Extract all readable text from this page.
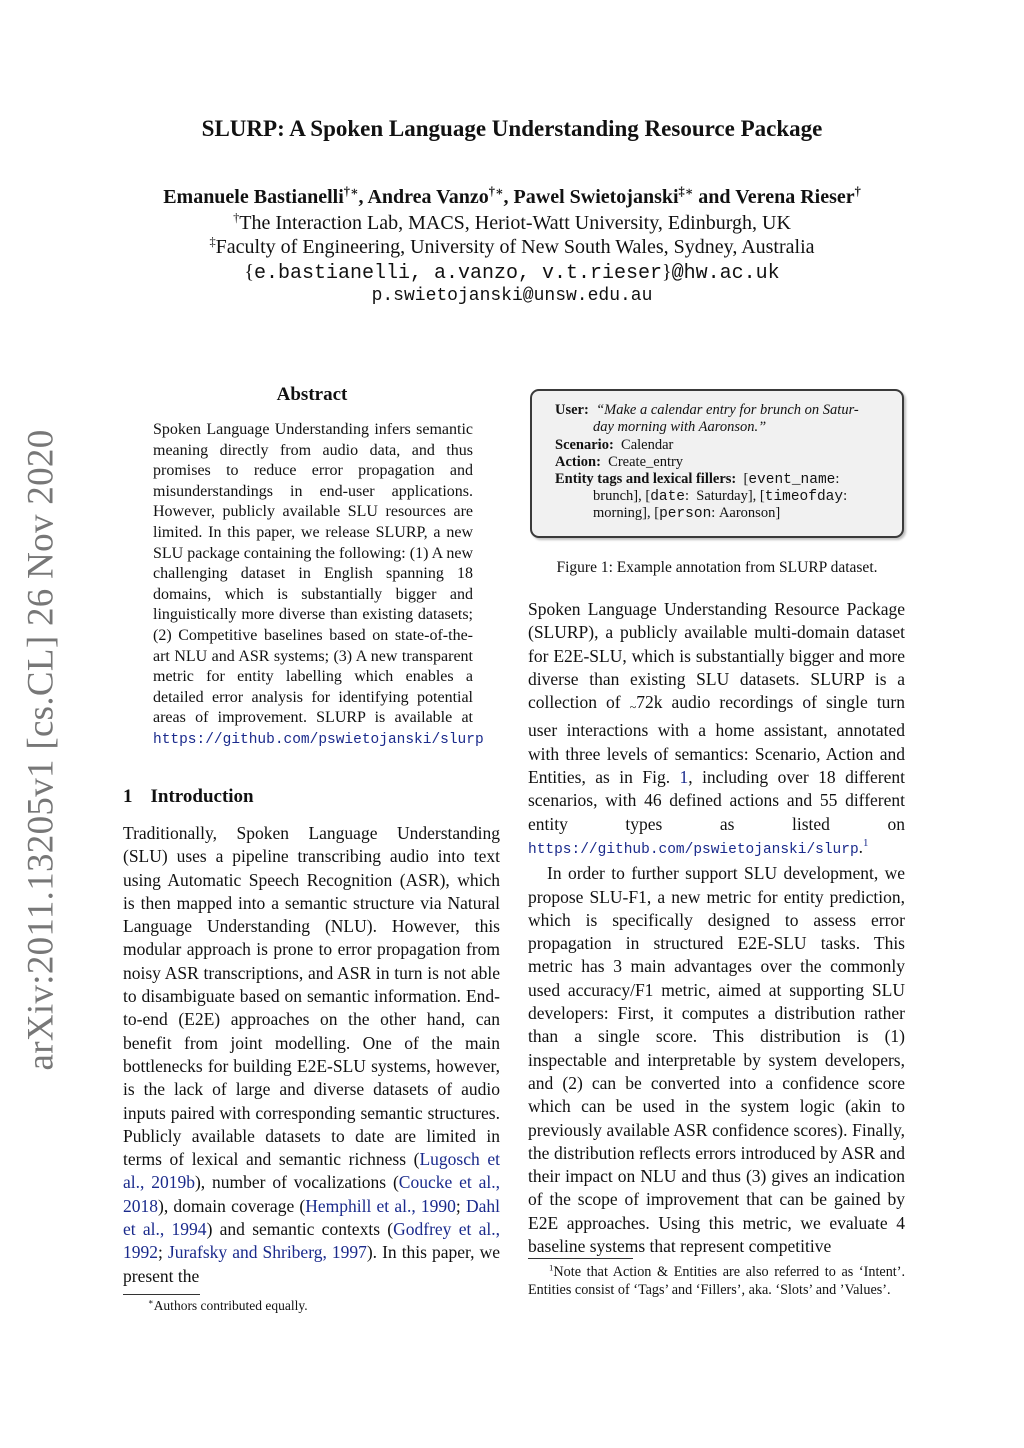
arXiv:2011.13205v1 [cs.CL] 26 Nov 2020
SLURP: A Spoken Language Understanding Resource Package
Emanuele Bastianelli†∗, Andrea Vanzo†∗, Pawel Swietojanski‡∗ and Verena Rieser†
†The Interaction Lab, MACS, Heriot-Watt University, Edinburgh, UK
‡Faculty of Engineering, University of New South Wales, Sydney, Australia
{e.bastianelli, a.vanzo, v.t.rieser}@hw.ac.uk
p.swietojanski@unsw.edu.au
Abstract
Spoken Language Understanding infers semantic meaning directly from audio data, and thus promises to reduce error propagation and misunderstandings in end-user applications. However, publicly available SLU resources are limited. In this paper, we release SLURP, a new SLU package containing the following: (1) A new challenging dataset in English spanning 18 domains, which is substantially bigger and linguistically more diverse than existing datasets; (2) Competitive baselines based on state-of-the-art NLU and ASR systems; (3) A new transparent metric for entity labelling which enables a detailed error analysis for identifying potential areas of improvement. SLURP is available at https://github.com/pswietojanski/slurp
1 Introduction
Traditionally, Spoken Language Understanding (SLU) uses a pipeline transcribing audio into text using Automatic Speech Recognition (ASR), which is then mapped into a semantic structure via Natural Language Understanding (NLU). However, this modular approach is prone to error propagation from noisy ASR transcriptions, and ASR in turn is not able to disambiguate based on semantic information. End-to-end (E2E) approaches on the other hand, can benefit from joint modelling. One of the main bottlenecks for building E2E-SLU systems, however, is the lack of large and diverse datasets of audio inputs paired with corresponding semantic structures. Publicly available datasets to date are limited in terms of lexical and semantic richness (Lugosch et al., 2019b), number of vocalizations (Coucke et al., 2018), domain coverage (Hemphill et al., 1990; Dahl et al., 1994) and semantic contexts (Godfrey et al., 1992; Jurafsky and Shriberg, 1997). In this paper, we present the
∗Authors contributed equally.
User: “Make a calendar entry for brunch on Satur-
day morning with Aaronson.”
Scenario: Calendar
Action: Create_entry
Entity tags and lexical fillers:  [event_name:
brunch], [date:  Saturday], [timeofday:
morning], [person: Aaronson]
Figure 1: Example annotation from SLURP dataset.

Spoken Language Understanding Resource Package (SLURP), a publicly available multi-domain dataset for E2E-SLU, which is substantially bigger and more diverse than existing SLU datasets. SLURP is a collection of ~72k audio recordings of single turn user interactions with a home assistant, annotated with three levels of semantics: Scenario, Action and Entities, as in Fig. 1, including over 18 different scenarios, with 46 defined actions and 55 different entity types as listed on https://github.com/pswietojanski/slurp.$^1$

In order to further support SLU development, we propose SLU-F1, a new metric for entity prediction, which is specifically designed to assess error propagation in structured E2E-SLU tasks. This metric has 3 main advantages over the commonly used accuracy/F1 metric, aimed at supporting SLU developers: First, it computes a distribution rather than a single score. This distribution is (1) inspectable and interpretable by system developers, and (2) can be converted into a confidence score which can be used in the system logic (akin to previously available ASR confidence scores). Finally, the distribution reflects errors introduced by ASR and their impact on NLU and thus (3) gives an indication of the scope of improvement that can be gained by E2E approaches. Using this metric, we evaluate 4 baseline systems that represent competitive

$^1$Note that Action & Entities are also referred to as ‘Intent’. Entities consist of ‘Tags’ and ‘Fillers’, aka. ‘Slots’ and ’Values’.
